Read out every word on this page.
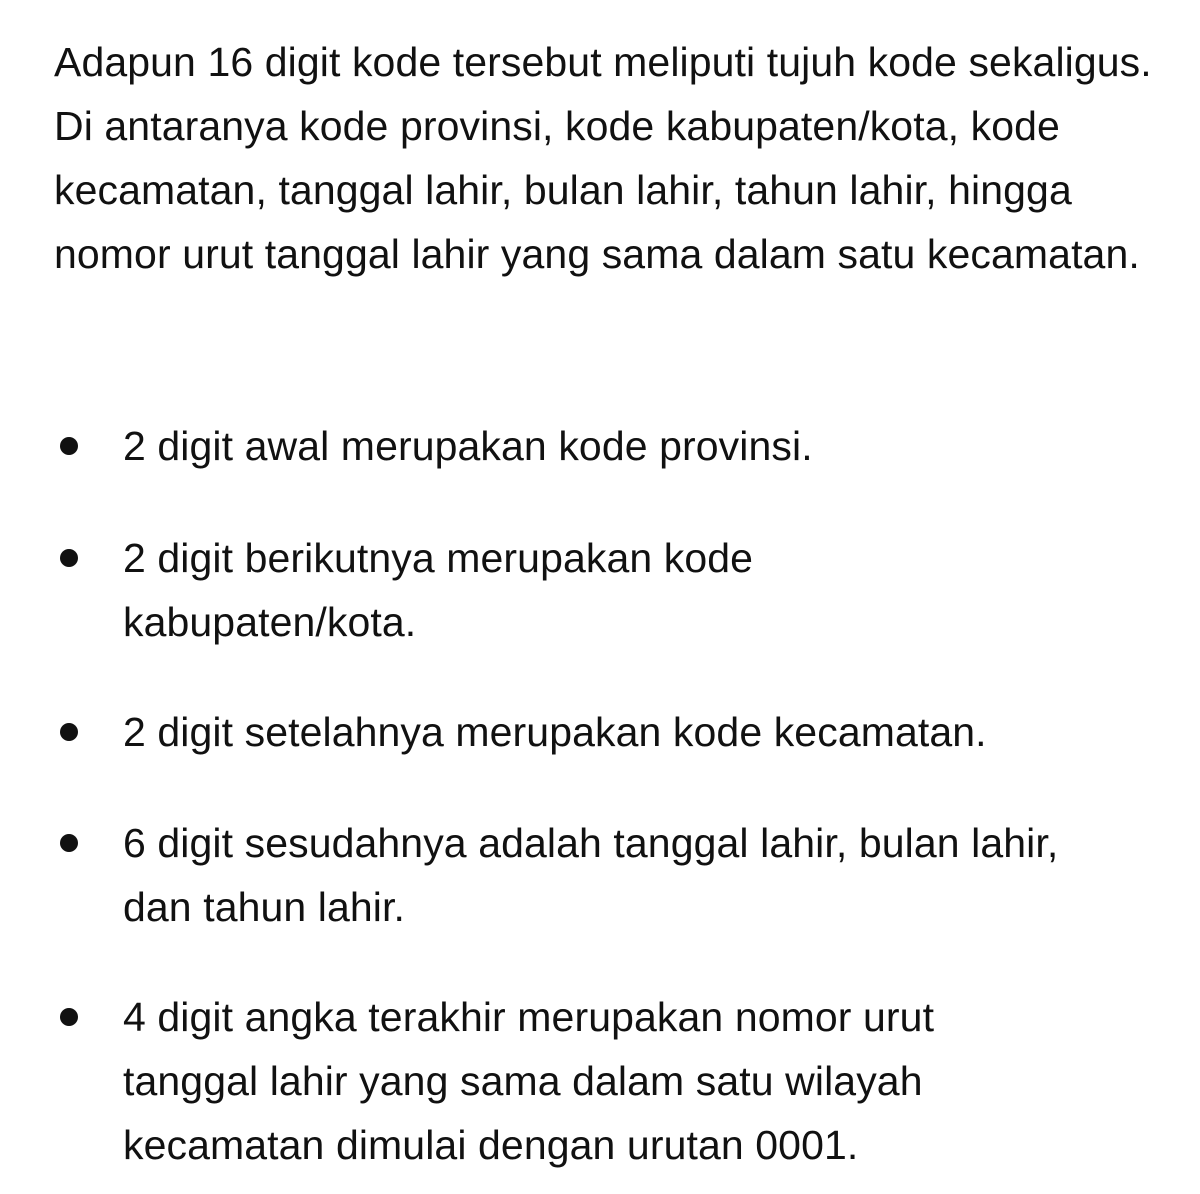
Adapun 16 digit kode tersebut meliputi tujuh kode sekaligus. Di antaranya kode provinsi, kode kabupaten/kota, kode kecamatan, tanggal lahir, bulan lahir, tahun lahir, hingga nomor urut tanggal lahir yang sama dalam satu kecamatan.

2 digit awal merupakan kode provinsi.

2 digit berikutnya merupakan kode kabupaten/kota.

2 digit setelahnya merupakan kode kecamatan.

6 digit sesudahnya adalah tanggal lahir, bulan lahir, dan tahun lahir.

4 digit angka terakhir merupakan nomor urut tanggal lahir yang sama dalam satu wilayah kecamatan dimulai dengan urutan 0001.
